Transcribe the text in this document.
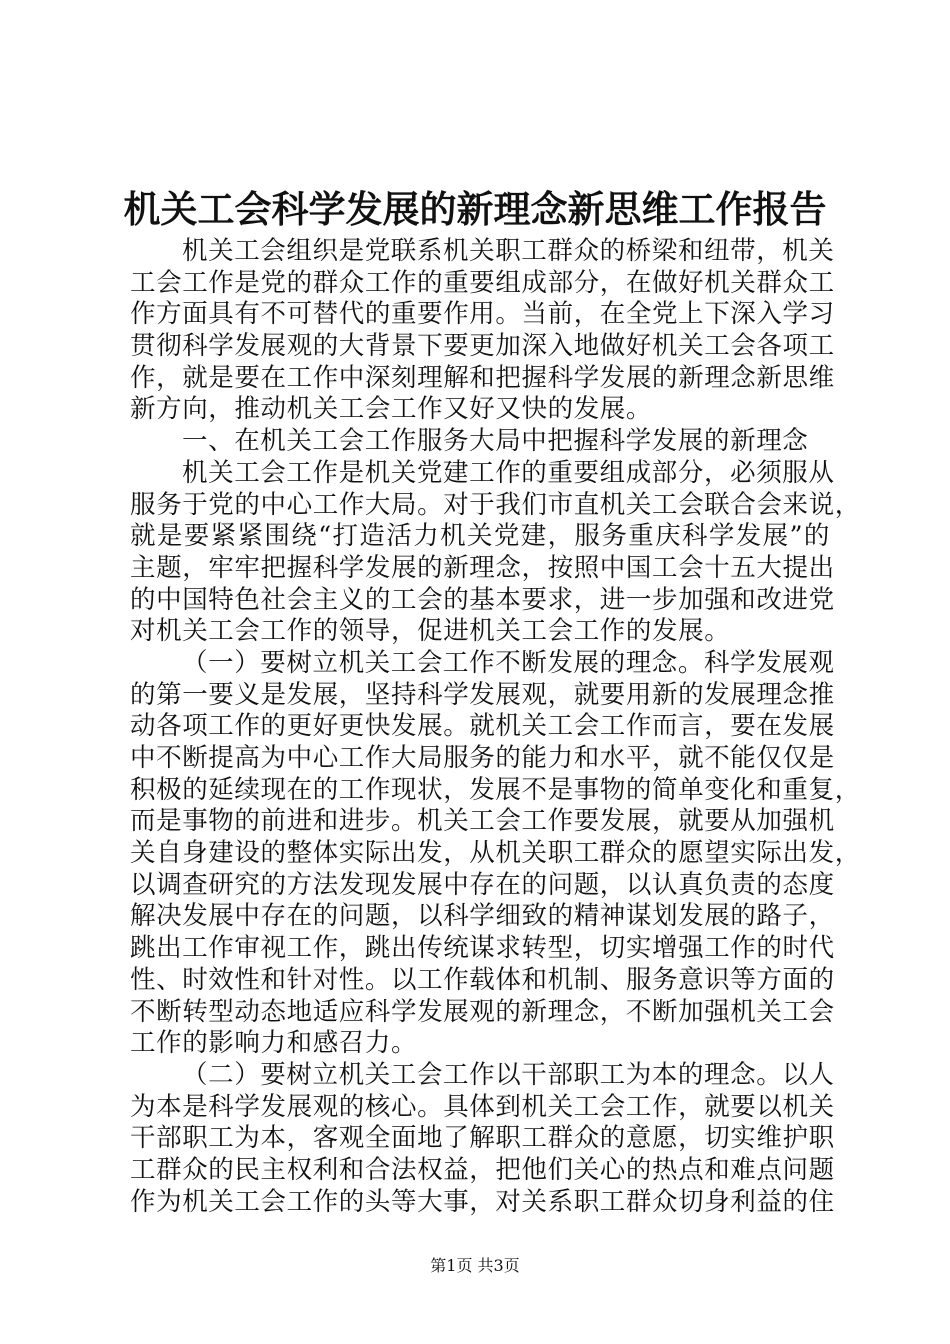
机关工会科学发展的新理念新思维工作报告
机关工会组织是党联系机关职工群众的桥梁和纽带，机关
工会工作是党的群众工作的重要组成部分，在做好机关群众工
作方面具有不可替代的重要作用。当前，在全党上下深入学习
贯彻科学发展观的大背景下要更加深入地做好机关工会各项工
作，就是要在工作中深刻理解和把握科学发展的新理念新思维
新方向，推动机关工会工作又好又快的发展。
一、在机关工会工作服务大局中把握科学发展的新理念
机关工会工作是机关党建工作的重要组成部分，必须服从
服务于党的中心工作大局。对于我们市直机关工会联合会来说，
就是要紧紧围绕“打造活力机关党建，服务重庆科学发展”的
主题，牢牢把握科学发展的新理念，按照中国工会十五大提出
的中国特色社会主义的工会的基本要求，进一步加强和改进党
对机关工会工作的领导，促进机关工会工作的发展。
（一）要树立机关工会工作不断发展的理念。科学发展观
的第一要义是发展，坚持科学发展观，就要用新的发展理念推
动各项工作的更好更快发展。就机关工会工作而言，要在发展
中不断提高为中心工作大局服务的能力和水平，就不能仅仅是
积极的延续现在的工作现状，发展不是事物的简单变化和重复，
而是事物的前进和进步。机关工会工作要发展，就要从加强机
关自身建设的整体实际出发，从机关职工群众的愿望实际出发，
以调查研究的方法发现发展中存在的问题，以认真负责的态度
解决发展中存在的问题，以科学细致的精神谋划发展的路子，
跳出工作审视工作，跳出传统谋求转型，切实增强工作的时代
性、时效性和针对性。以工作载体和机制、服务意识等方面的
不断转型动态地适应科学发展观的新理念，不断加强机关工会
工作的影响力和感召力。
（二）要树立机关工会工作以干部职工为本的理念。以人
为本是科学发展观的核心。具体到机关工会工作，就要以机关
干部职工为本，客观全面地了解职工群众的意愿，切实维护职
工群众的民主权利和合法权益，把他们关心的热点和难点问题
作为机关工会工作的头等大事，对关系职工群众切身利益的住
第1页 共3页
